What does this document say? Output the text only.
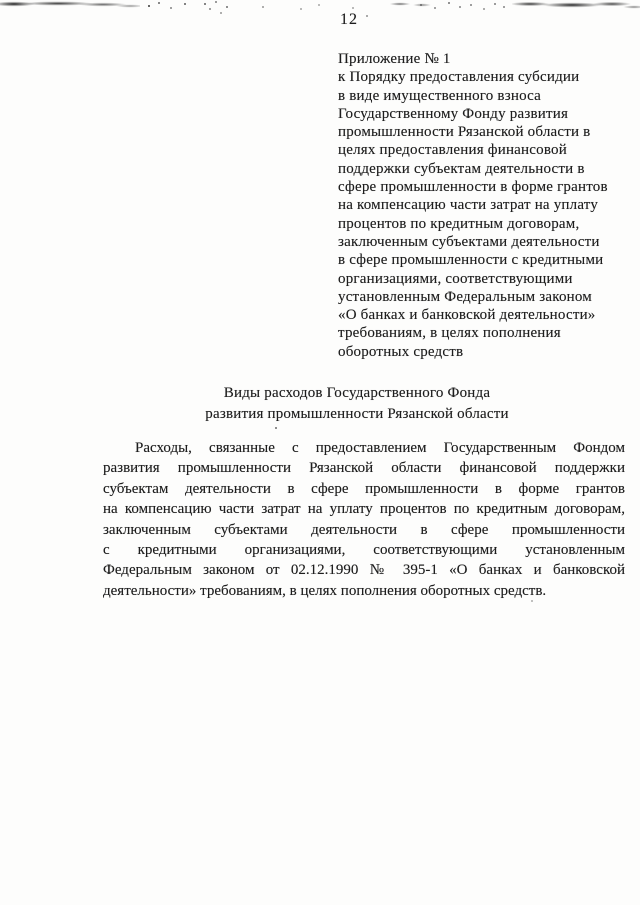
12
Приложение № 1
к Порядку предоставления субсидии
в виде имущественного взноса
Государственному Фонду развития
промышленности Рязанской области в
целях предоставления финансовой
поддержки субъектам деятельности в
сфере промышленности в форме грантов
на компенсацию части затрат на уплату
процентов по кредитным договорам,
заключенным субъектами деятельности
в сфере промышленности с кредитными
организациями, соответствующими
установленным Федеральным законом
«О банках и банковской деятельности»
требованиям, в целях пополнения
оборотных средств
Виды расходов Государственного Фонда
развития промышленности Рязанской области
Расходы, связанные с предоставлением Государственным Фондом
развития промышленности Рязанской области финансовой поддержки
субъектам деятельности в сфере промышленности в форме грантов
на компенсацию части затрат на уплату процентов по кредитным договорам,
заключенным субъектами деятельности в сфере промышленности
с кредитными организациями, соответствующими установленным
Федеральным законом от 02.12.1990 № 395-1 «О банках и банковской
деятельности» требованиям, в целях пополнения оборотных средств.
